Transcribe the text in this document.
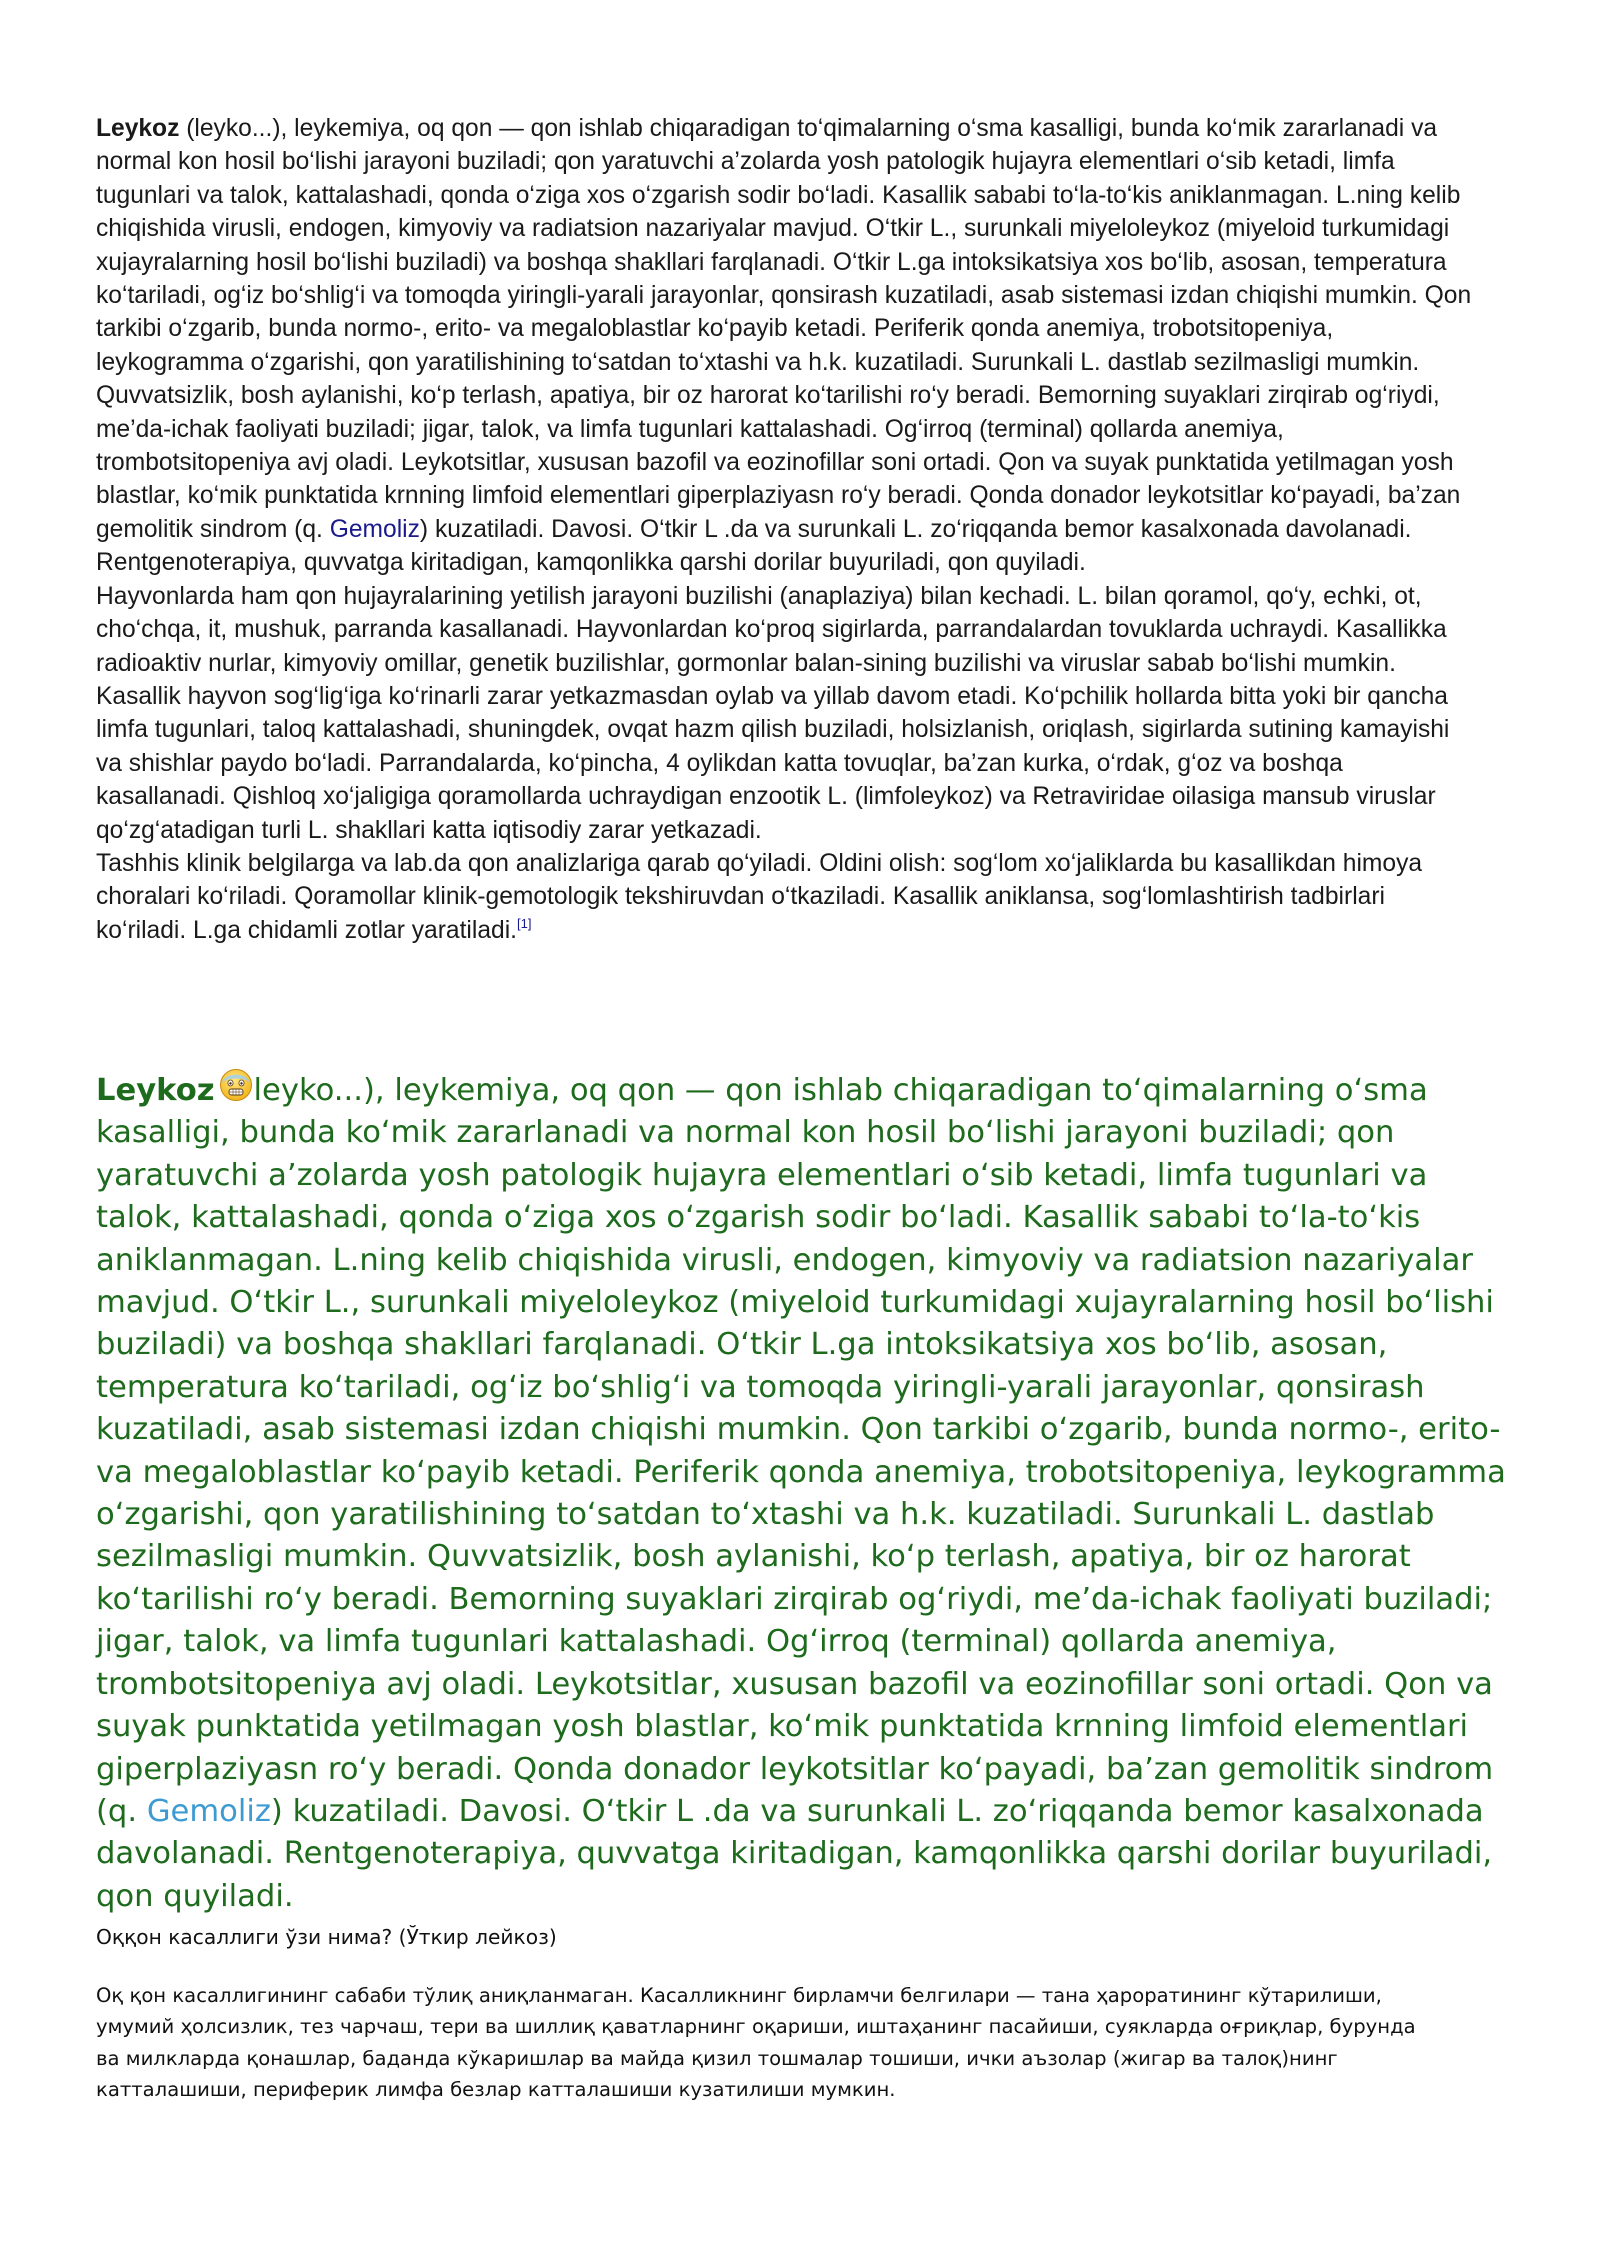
Leykoz (leyko...), leykemiya, oq qon — qon ishlab chiqaradigan to‘qimalarning o‘sma kasalligi, bunda ko‘mik zararlanadi va normal kon hosil bo‘lishi jarayoni buziladi; qon yaratuvchi a’zolarda yosh patologik hujayra elementlari o‘sib ketadi, limfa tugunlari va talok, kattalashadi, qonda o‘ziga xos o‘zgarish sodir bo‘ladi. Kasallik sababi to‘la-to‘kis aniklanmagan. L.ning kelib chiqishida virusli, endogen, kimyoviy va radiatsion nazariyalar mavjud. O‘tkir L., surunkali miyeloleykoz (miyeloid turkumidagi xujayralarning hosil bo‘lishi buziladi) va boshqa shakllari farqlanadi. O‘tkir L.ga intoksikatsiya xos bo‘lib, asosan, temperatura ko‘tariladi, og‘iz bo‘shlig‘i va tomoqda yiringli-yarali jarayonlar, qonsirash kuzatiladi, asab sistemasi izdan chiqishi mumkin. Qon tarkibi o‘zgarib, bunda normo-, erito- va megaloblastlar ko‘payib ketadi. Periferik qonda anemiya, trobotsitopeniya, leykogramma o‘zgarishi, qon yaratilishining to‘satdan to‘xtashi va h.k. kuzatiladi. Surunkali L. dastlab sezilmasligi mumkin. Quvvatsizlik, bosh aylanishi, ko‘p terlash, apatiya, bir oz harorat ko‘tarilishi ro‘y beradi. Bemorning suyaklari zirqirab og‘riydi, me’da-ichak faoliyati buziladi; jigar, talok, va limfa tugunlari kattalashadi. Og‘irroq (terminal) qollarda anemiya, trombotsitopeniya avj oladi. Leykotsitlar, xususan bazofil va eozinofillar soni ortadi. Qon va suyak punktatida yetilmagan yosh blastlar, ko‘mik punktatida krnning limfoid elementlari giperplaziyasn ro‘y beradi. Qonda donador leykotsitlar ko‘payadi, ba’zan gemolitik sindrom (q. Gemoliz) kuzatiladi. Davosi. O‘tkir L .da va surunkali L. zo‘riqqanda bemor kasalxonada davolanadi. Rentgenoterapiya, quvvatga kiritadigan, kamqonlikka qarshi dorilar buyuriladi, qon quyiladi.

Hayvonlarda ham qon hujayralarining yetilish jarayoni buzilishi (anaplaziya) bilan kechadi. L. bilan qoramol, qo‘y, echki, ot, cho‘chqa, it, mushuk, parranda kasallanadi. Hayvonlardan ko‘proq sigirlarda, parrandalardan tovuklarda uchraydi. Kasallikka radioaktiv nurlar, kimyoviy omillar, genetik buzilishlar, gormonlar balan-sining buzilishi va viruslar sabab bo‘lishi mumkin. Kasallik hayvon sog‘lig‘iga ko‘rinarli zarar yetkazmasdan oylab va yillab davom etadi. Ko‘pchilik hollarda bitta yoki bir qancha limfa tugunlari, taloq kattalashadi, shuningdek, ovqat hazm qilish buziladi, holsizlanish, oriqlash, sigirlarda sutining kamayishi va shishlar paydo bo‘ladi. Parrandalarda, ko‘pincha, 4 oylikdan katta tovuqlar, ba’zan kurka, o‘rdak, g‘oz va boshqa kasallanadi. Qishloq xo‘jaligiga qoramollarda uchraydigan enzootik L. (limfoleykoz) va Retraviridae oilasiga mansub viruslar qo‘zg‘atadigan turli L. shakllari katta iqtisodiy zarar yetkazadi.

Tashhis klinik belgilarga va lab.da qon analizlariga qarab qo‘yiladi. Oldini olish: sog‘lom xo‘jaliklarda bu kasallikdan himoya choralari ko‘riladi. Qoramollar klinik-gemotologik tekshiruvdan o‘tkaziladi. Kasallik aniklansa, sog‘lomlashtirish tadbirlari ko‘riladi. L.ga chidamli zotlar yaratiladi.[1]

Leykoz leyko...), leykemiya, oq qon — qon ishlab chiqaradigan to‘qimalarning o‘sma kasalligi, bunda ko‘mik zararlanadi va normal kon hosil bo‘lishi jarayoni buziladi; qon yaratuvchi a’zolarda yosh patologik hujayra elementlari o‘sib ketadi, limfa tugunlari va talok, kattalashadi, qonda o‘ziga xos o‘zgarish sodir bo‘ladi. Kasallik sababi to‘la-to‘kis aniklanmagan. L.ning kelib chiqishida virusli, endogen, kimyoviy va radiatsion nazariyalar mavjud. O‘tkir L., surunkali miyeloleykoz (miyeloid turkumidagi xujayralarning hosil bo‘lishi buziladi) va boshqa shakllari farqlanadi. O‘tkir L.ga intoksikatsiya xos bo‘lib, asosan, temperatura ko‘tariladi, og‘iz bo‘shlig‘i va tomoqda yiringli-yarali jarayonlar, qonsirash kuzatiladi, asab sistemasi izdan chiqishi mumkin. Qon tarkibi o‘zgarib, bunda normo-, erito-va megaloblastlar ko‘payib ketadi. Periferik qonda anemiya, trobotsitopeniya, leykogramma o‘zgarishi, qon yaratilishining to‘satdan to‘xtashi va h.k. kuzatiladi. Surunkali L. dastlab sezilmasligi mumkin. Quvvatsizlik, bosh aylanishi, ko‘p terlash, apatiya, bir oz harorat ko‘tarilishi ro‘y beradi. Bemorning suyaklari zirqirab og‘riydi, me’da-ichak faoliyati buziladi; jigar, talok, va limfa tugunlari kattalashadi. Og‘irroq (terminal) qollarda anemiya, trombotsitopeniya avj oladi. Leykotsitlar, xususan bazofil va eozinofillar soni ortadi. Qon va suyak punktatida yetilmagan yosh blastlar, ko‘mik punktatida krnning limfoid elementlari giperplaziyasn ro‘y beradi. Qonda donador leykotsitlar ko‘payadi, ba’zan gemolitik sindrom (q. Gemoliz) kuzatiladi. Davosi. O‘tkir L .da va surunkali L. zo‘riqqanda bemor kasalxonada davolanadi. Rentgenoterapiya, quvvatga kiritadigan, kamqonlikka qarshi dorilar buyuriladi, qon quyiladi.

Оққон касаллиги ўзи нима? (Ўткир лейкоз)

Оқ қон касаллигининг сабаби тўлиқ аниқланмаган. Касалликнинг бирламчи белгилари — тана ҳароратининг кўтарилиши, умумий ҳолсизлик, тез чарчаш, тери ва шиллиқ қаватларнинг оқариши, иштаҳанинг пасайиши, суякларда оғриқлар, бурунда ва милкларда қонашлар, баданда кўкаришлар ва майда қизил тошмалар тошиши, ички аъзолар (жигар ва талоқ)нинг катталашиши, периферик лимфа безлар катталашиши кузатилиши мумкин.
